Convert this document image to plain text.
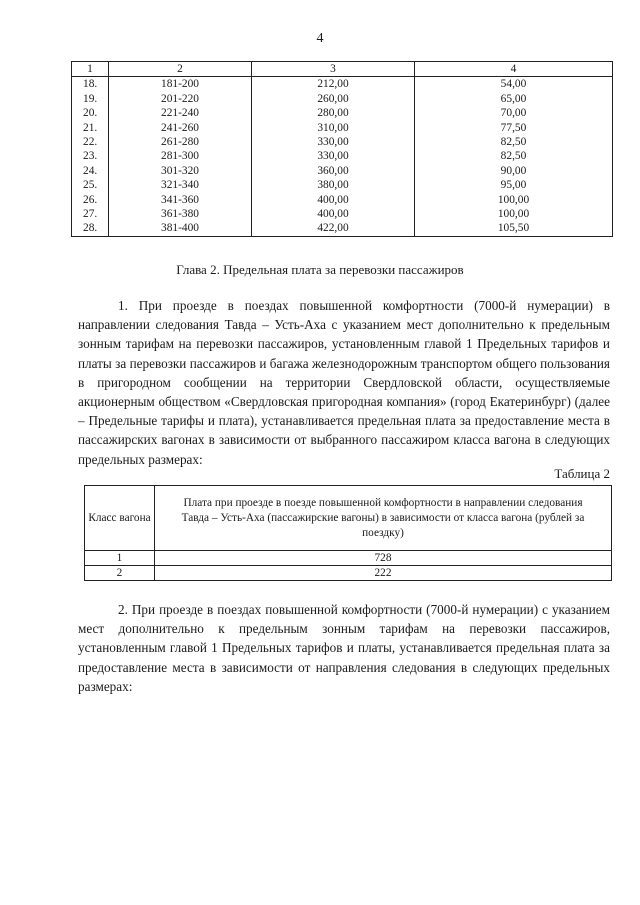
4
1	2	3	4
18.	181-200	212,00	54,00
19.	201-220	260,00	65,00
20.	221-240	280,00	70,00
21.	241-260	310,00	77,50
22.	261-280	330,00	82,50
23.	281-300	330,00	82,50
24.	301-320	360,00	90,00
25.	321-340	380,00	95,00
26.	341-360	400,00	100,00
27.	361-380	400,00	100,00
28.	381-400	422,00	105,50
Глава 2. Предельная плата за перевозки пассажиров

1. При проезде в поездах повышенной комфортности (7000-й нумерации) в направлении следования Тавда – Усть-Аха с указанием мест дополнительно к предельным зонным тарифам на перевозки пассажиров, установленным главой 1 Предельных тарифов и платы за перевозки пассажиров и багажа железнодорожным транспортом общего пользования в пригородном сообщении на территории Свердловской области, осуществляемые акционерным обществом «Свердловская пригородная компания» (город Екатеринбург) (далее – Предельные тарифы и плата), устанавливается предельная плата за предоставление места в пассажирских вагонах в зависимости от выбранного пассажиром класса вагона в следующих предельных размерах:

Таблица 2
Класс вагона	Плата при проезде в поезде повышенной комфортности в направлении следования Тавда – Усть-Аха (пассажирские вагоны) в зависимости от класса вагона (рублей за поездку)
1	728
2	222

2. При проезде в поездах повышенной комфортности (7000-й нумерации) с указанием мест дополнительно к предельным зонным тарифам на перевозки пассажиров, установленным главой 1 Предельных тарифов и платы, устанавливается предельная плата за предоставление места в зависимости от направления следования в следующих предельных размерах:
